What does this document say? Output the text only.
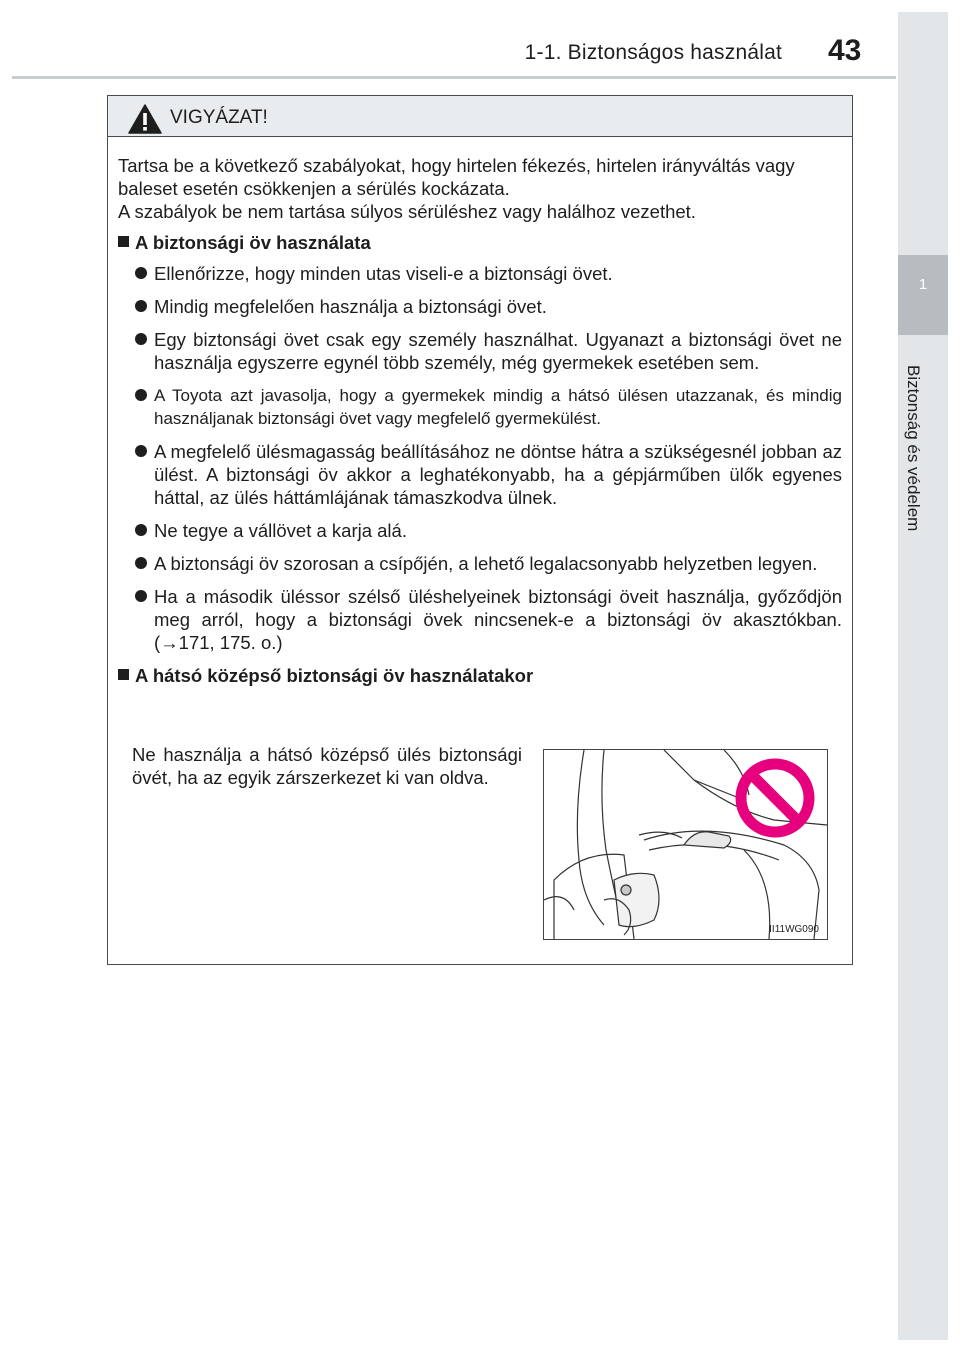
1-1. Biztonságos használat 43
1
Biztonság és védelem
VIGYÁZAT!
Tartsa be a következő szabályokat, hogy hirtelen fékezés, hirtelen irányváltás vagy baleset esetén csökkenjen a sérülés kockázata.
A szabályok be nem tartása súlyos sérüléshez vagy halálhoz vezethet.
A biztonsági öv használata
Ellenőrizze, hogy minden utas viseli-e a biztonsági övet.
Mindig megfelelően használja a biztonsági övet.
Egy biztonsági övet csak egy személy használhat. Ugyanazt a biztonsági övet ne használja egyszerre egynél több személy, még gyermekek esetében sem.
A Toyota azt javasolja, hogy a gyermekek mindig a hátsó ülésen utazzanak, és mindig használjanak biztonsági övet vagy megfelelő gyermekülést.
A megfelelő ülésmagasság beállításához ne döntse hátra a szükségesnél jobban az ülést. A biztonsági öv akkor a leghatékonyabb, ha a gépjárműben ülők egyenes háttal, az ülés háttámlájának támaszkodva ülnek.
Ne tegye a vállövet a karja alá.
A biztonsági öv szorosan a csípőjén, a lehető legalacsonyabb helyzetben legyen.
Ha a második üléssor szélső üléshelyeinek biztonsági öveit használja, győződjön meg arról, hogy a biztonsági övek nincsenek-e a biztonsági öv akasztókban. (→171, 175. o.)
A hátsó középső biztonsági öv használatakor
Ne használja a hátsó középső ülés biztonsági övét, ha az egyik zárszerkezet ki van oldva.
II11WG090
